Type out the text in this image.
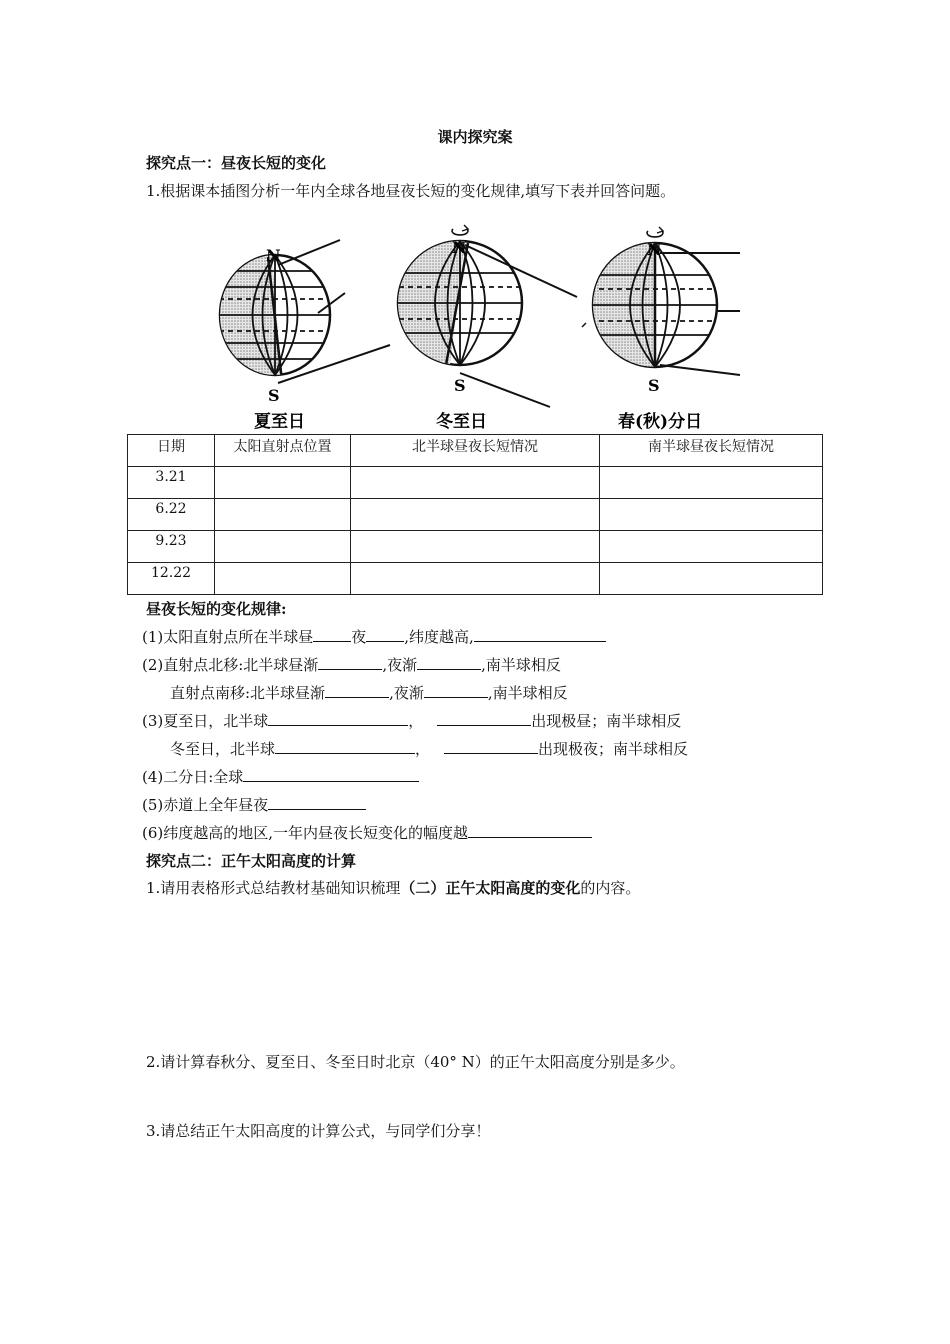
课内探究案
探究点一：昼夜长短的变化
1.根据课本插图分析一年内全球各地昼夜长短的变化规律,填写下表并回答问题。
N
S
N
S
N
S
夏至日	冬至日	春(秋)分日
日期	太阳直射点位置	北半球昼夜长短情况	南半球昼夜长短情况
3.21			
6.22			
9.23			
12.22			
昼夜长短的变化规律:
(1)太阳直射点所在半球昼	夜	,纬度越高,
(2)直射点北移:北半球昼渐	,夜渐	,南半球相反
直射点南移:北半球昼渐	,夜渐	,南半球相反
(3)夏至日，北半球	，	出现极昼；南半球相反
冬至日，北半球	，	出现极夜；南半球相反
(4)二分日:全球
(5)赤道上全年昼夜
(6)纬度越高的地区,一年内昼夜长短变化的幅度越
探究点二：正午太阳高度的计算
1.请用表格形式总结教材基础知识梳理（二）正午太阳高度的变化的内容。
2.请计算春秋分、夏至日、冬至日时北京（40° N）的正午太阳高度分别是多少。
3.请总结正午太阳高度的计算公式，与同学们分享！
